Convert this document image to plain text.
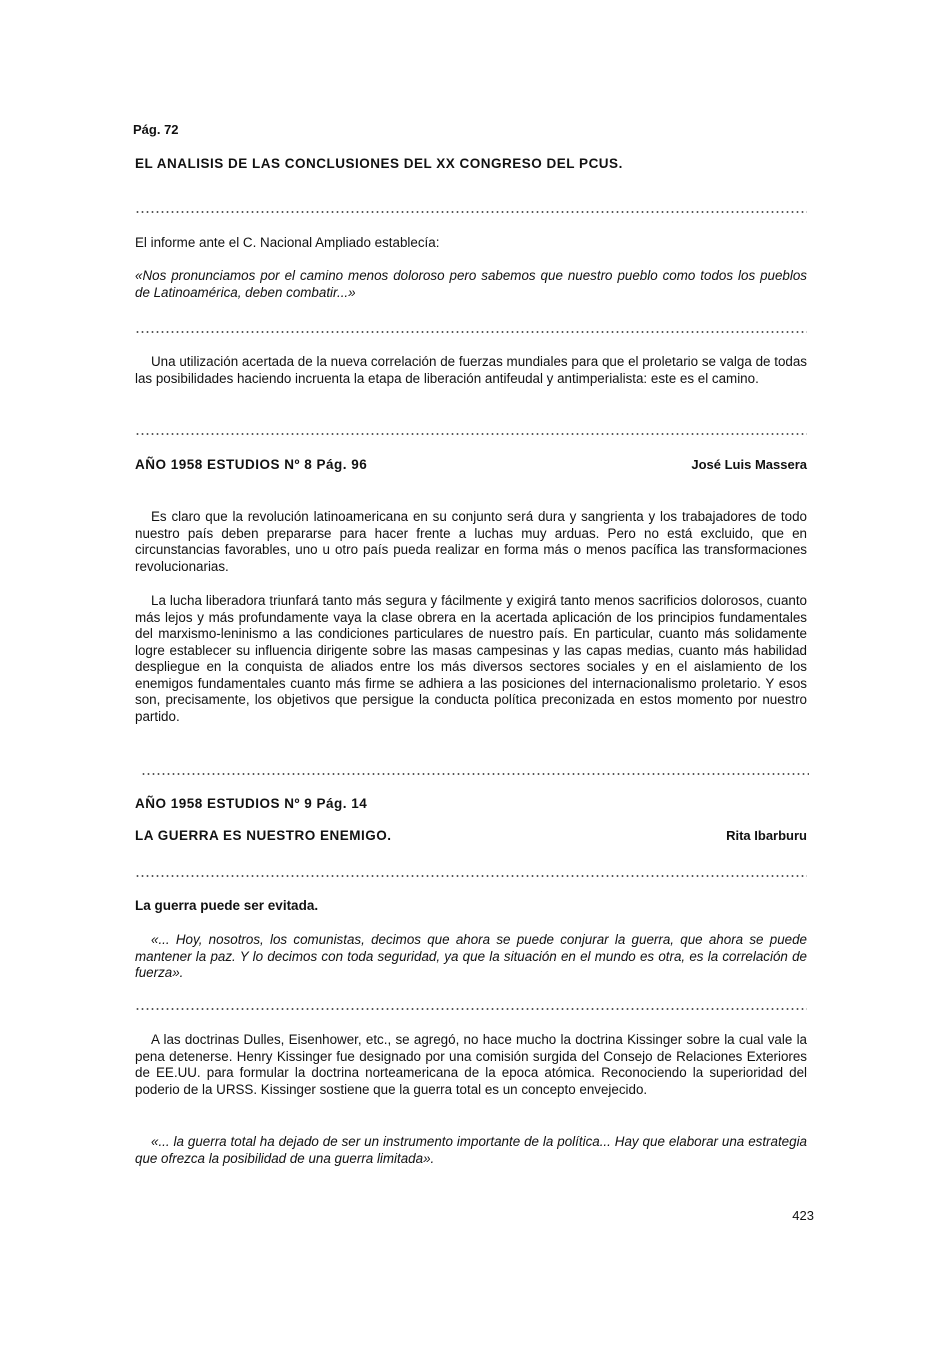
Pág. 72
EL ANALISIS DE LAS CONCLUSIONES DEL XX CONGRESO DEL PCUS.
El informe ante el C. Nacional Ampliado establecía:
«Nos pronunciamos por el camino menos doloroso pero sabemos que nuestro pueblo como todos los pueblos de Latinoamérica, deben combatir...»
Una utilización acertada de la nueva correlación de fuerzas mundiales para que el proletario se valga de todas las posibilidades haciendo incruenta la etapa de liberación antifeudal y antimperialista: este es el camino.
AÑO 1958 ESTUDIOS Nº 8 Pág. 96	José Luis Massera
Es claro que la revolución latinoamericana en su conjunto será dura y sangrienta y los trabajadores de todo nuestro país deben prepararse para hacer frente a luchas muy arduas. Pero no está excluido, que en circunstancias favorables, uno u otro país pueda realizar en forma más o menos pacífica las transformaciones revolucionarias.
La lucha liberadora triunfará tanto más segura y fácilmente y exigirá tanto menos sacrificios dolorosos, cuanto más lejos y más profundamente vaya la clase obrera en la acertada aplicación de los principios fundamentales del marxismo-leninismo a las condiciones particulares de nuestro país. En particular, cuanto más solidamente logre establecer su influencia dirigente sobre las masas campesinas y las capas medias, cuanto más habilidad despliegue en la conquista de aliados entre los más diversos sectores sociales y en el aislamiento de los enemigos fundamentales cuanto más firme se adhiera a las posiciones del internacionalismo proletario. Y esos son, precisamente, los objetivos que persigue la conducta política preconizada en estos momento por nuestro partido.
AÑO 1958 ESTUDIOS Nº 9 Pág. 14
LA GUERRA ES NUESTRO ENEMIGO.	Rita Ibarburu
La guerra puede ser evitada.
«... Hoy, nosotros, los comunistas, decimos que ahora se puede conjurar la guerra, que ahora se puede mantener la paz. Y lo decimos con toda seguridad, ya que la situación en el mundo es otra, es la correlación de fuerza».
A las doctrinas Dulles, Eisenhower, etc., se agregó, no hace mucho la doctrina Kissinger sobre la cual vale la pena detenerse. Henry Kissinger fue designado por una comisión surgida del Consejo de Relaciones Exteriores de EE.UU. para formular la doctrina norteamericana de la epoca atómica. Reconociendo la superioridad del poderio de la URSS. Kissinger sostiene que la guerra total es un concepto envejecido.
«... la guerra total ha dejado de ser un instrumento importante de la política... Hay que elaborar una estrategia que ofrezca la posibilidad de una guerra limitada».
423
